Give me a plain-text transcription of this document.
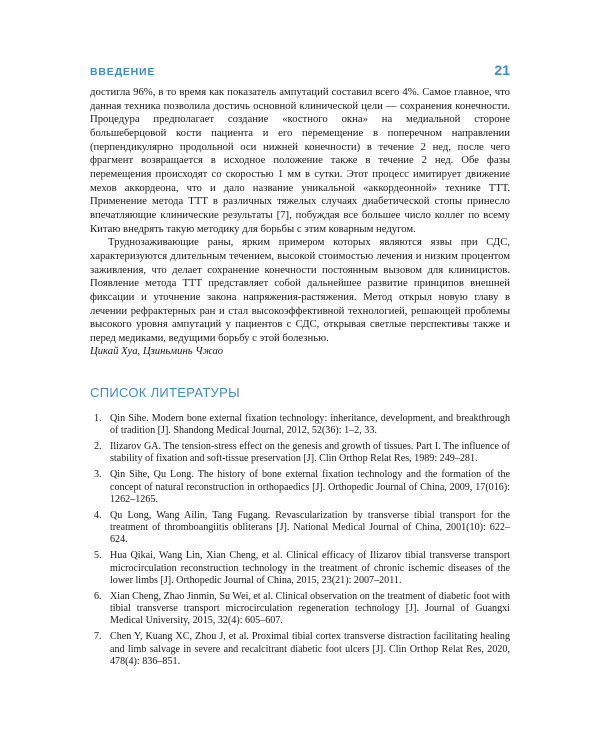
ВВЕДЕНИЕ	21

достигла 96%, в то время как показатель ампутаций составил всего 4%. Самое главное, что данная техника позволила достичь основной клинической цели — сохранения конечности. Процедура предполагает создание «костного окна» на медиальной стороне большеберцовой кости пациента и его перемещение в поперечном направлении (перпендикулярно продольной оси нижней конечности) в течение 2 нед, после чего фрагмент возвращается в исходное положение также в течение 2 нед. Обе фазы перемещения происходят со скоростью 1 мм в сутки. Этот процесс имитирует движение мехов аккордеона, что и дало название уникальной «аккордеонной» технике ТТТ. Применение метода ТТТ в различных тяжелых случаях диабетической стопы принесло впечатляющие клинические результаты [7], побуждая все большее число коллег по всему Китаю внедрять такую методику для борьбы с этим коварным недугом.

Труднозаживающие раны, ярким примером которых являются язвы при СДС, характеризуются длительным течением, высокой стоимостью лечения и низким процентом заживления, что делает сохранение конечности постоянным вызовом для клиницистов. Появление метода ТТТ представляет собой дальнейшее развитие принципов внешней фиксации и уточнение закона напряжения-растяжения. Метод открыл новую главу в лечении рефрактерных ран и стал высокоэффективной технологией, решающей проблемы высокого уровня ампутаций у пациентов с СДС, открывая светлые перспективы также и перед медиками, ведущими борьбу с этой болезнью.

Цикай Хуа, Цзиньминь Чжао

СПИСОК ЛИТЕРАТУРЫ
1. Qin Sihe. Modern bone external fixation technology: inheritance, development, and breakthrough of tradition [J]. Shandong Medical Journal, 2012, 52(36): 1–2, 33.
2. Ilizarov GA. The tension-stress effect on the genesis and growth of tissues. Part I. The influence of stability of fixation and soft-tissue preservation [J]. Clin Orthop Relat Res, 1989: 249–281.
3. Qin Sihe, Qu Long. The history of bone external fixation technology and the formation of the concept of natural reconstruction in orthopaedics [J]. Orthopedic Journal of China, 2009, 17(016): 1262–1265.
4. Qu Long, Wang Ailin, Tang Fugang. Revascularization by transverse tibial transport for the treatment of thromboangiitis obliterans [J]. National Medical Journal of China, 2001(10): 622–624.
5. Hua Qikai, Wang Lin, Xian Cheng, et al. Clinical efficacy of Ilizarov tibial transverse transport microcirculation reconstruction technology in the treatment of chronic ischemic diseases of the lower limbs [J]. Orthopedic Journal of China, 2015, 23(21): 2007–2011.
6. Xian Cheng, Zhao Jinmin, Su Wei, et al. Clinical observation on the treatment of diabetic foot with tibial transverse transport microcirculation regeneration technology [J]. Journal of Guangxi Medical University, 2015, 32(4): 605–607.
7. Chen Y, Kuang XC, Zhou J, et al. Proximal tibial cortex transverse distraction facilitating healing and limb salvage in severe and recalcitrant diabetic foot ulcers [J]. Clin Orthop Relat Res, 2020, 478(4): 836–851.
